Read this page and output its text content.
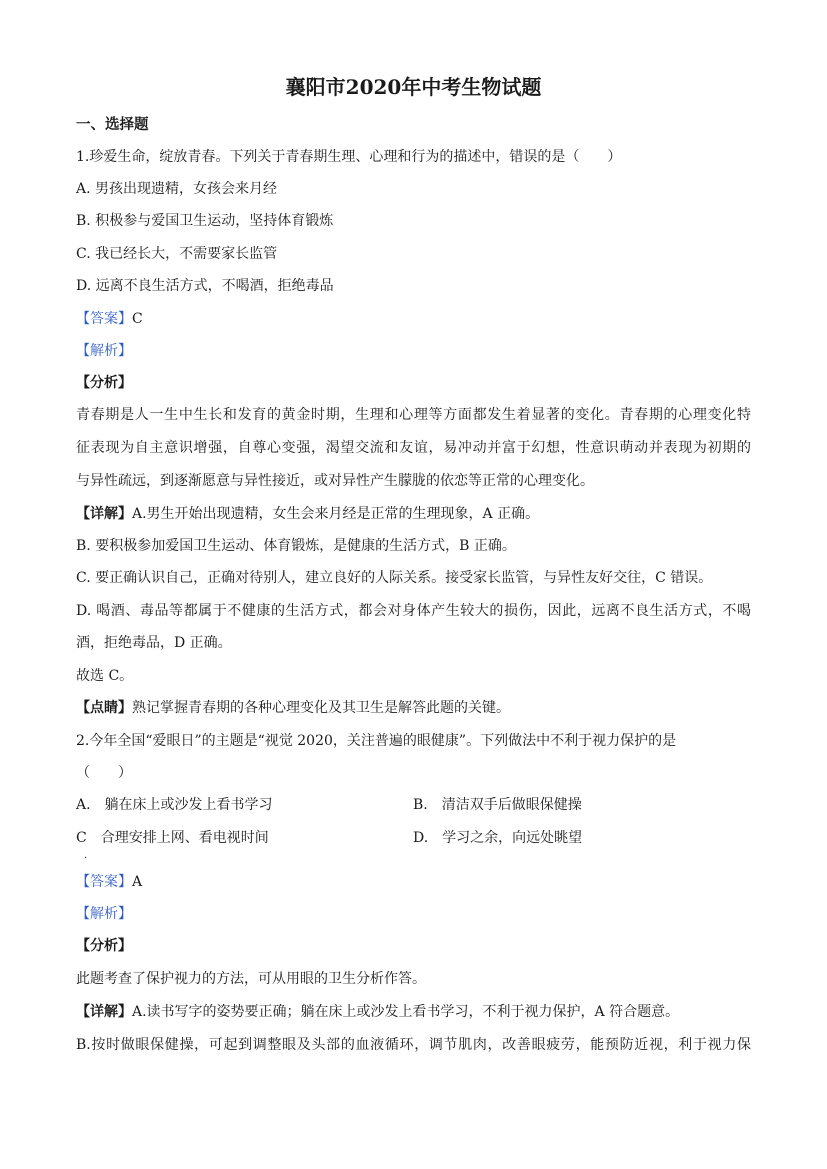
襄阳市2020年中考生物试题
一、选择题
1.珍爱生命，绽放青春。下列关于青春期生理、心理和行为的描述中，错误的是（　　）
A. 男孩出现遗精，女孩会来月经
B. 积极参与爱国卫生运动，坚持体育锻炼
C. 我已经长大，不需要家长监管
D. 远离不良生活方式，不喝酒，拒绝毒品
【答案】C
【解析】
【分析】
青春期是人一生中生长和发育的黄金时期，生理和心理等方面都发生着显著的变化。青春期的心理变化特
征表现为自主意识增强，自尊心变强，渴望交流和友谊，易冲动并富于幻想，性意识萌动并表现为初期的
与异性疏远，到逐渐愿意与异性接近，或对异性产生朦胧的依恋等正常的心理变化。
【详解】A.男生开始出现遗精，女生会来月经是正常的生理现象，A 正确。
B. 要积极参加爱国卫生运动、体育锻炼，是健康的生活方式，B 正确。
C. 要正确认识自己，正确对待别人，建立良好的人际关系。接受家长监管，与异性友好交往，C 错误。
D. 喝酒、毒品等都属于不健康的生活方式，都会对身体产生较大的损伤，因此，远离不良生活方式，不喝
酒，拒绝毒品，D 正确。
故选 C。
【点睛】熟记掌握青春期的各种心理变化及其卫生是解答此题的关键。
2.今年全国“爱眼日”的主题是“视觉 2020，关注普遍的眼健康”。下列做法中不利于视力保护的是
（　　）
A.　躺在床上或沙发上看书学习	B.　清洁双手后做眼保健操
C　合理安排上网、看电视时间	D.　学习之余，向远处眺望
.
【答案】A
【解析】
【分析】
此题考查了保护视力的方法，可从用眼的卫生分析作答。
【详解】A.读书写字的姿势要正确；躺在床上或沙发上看书学习，不利于视力保护，A 符合题意。
B.按时做眼保健操，可起到调整眼及头部的血液循环，调节肌肉，改善眼疲劳，能预防近视，利于视力保
